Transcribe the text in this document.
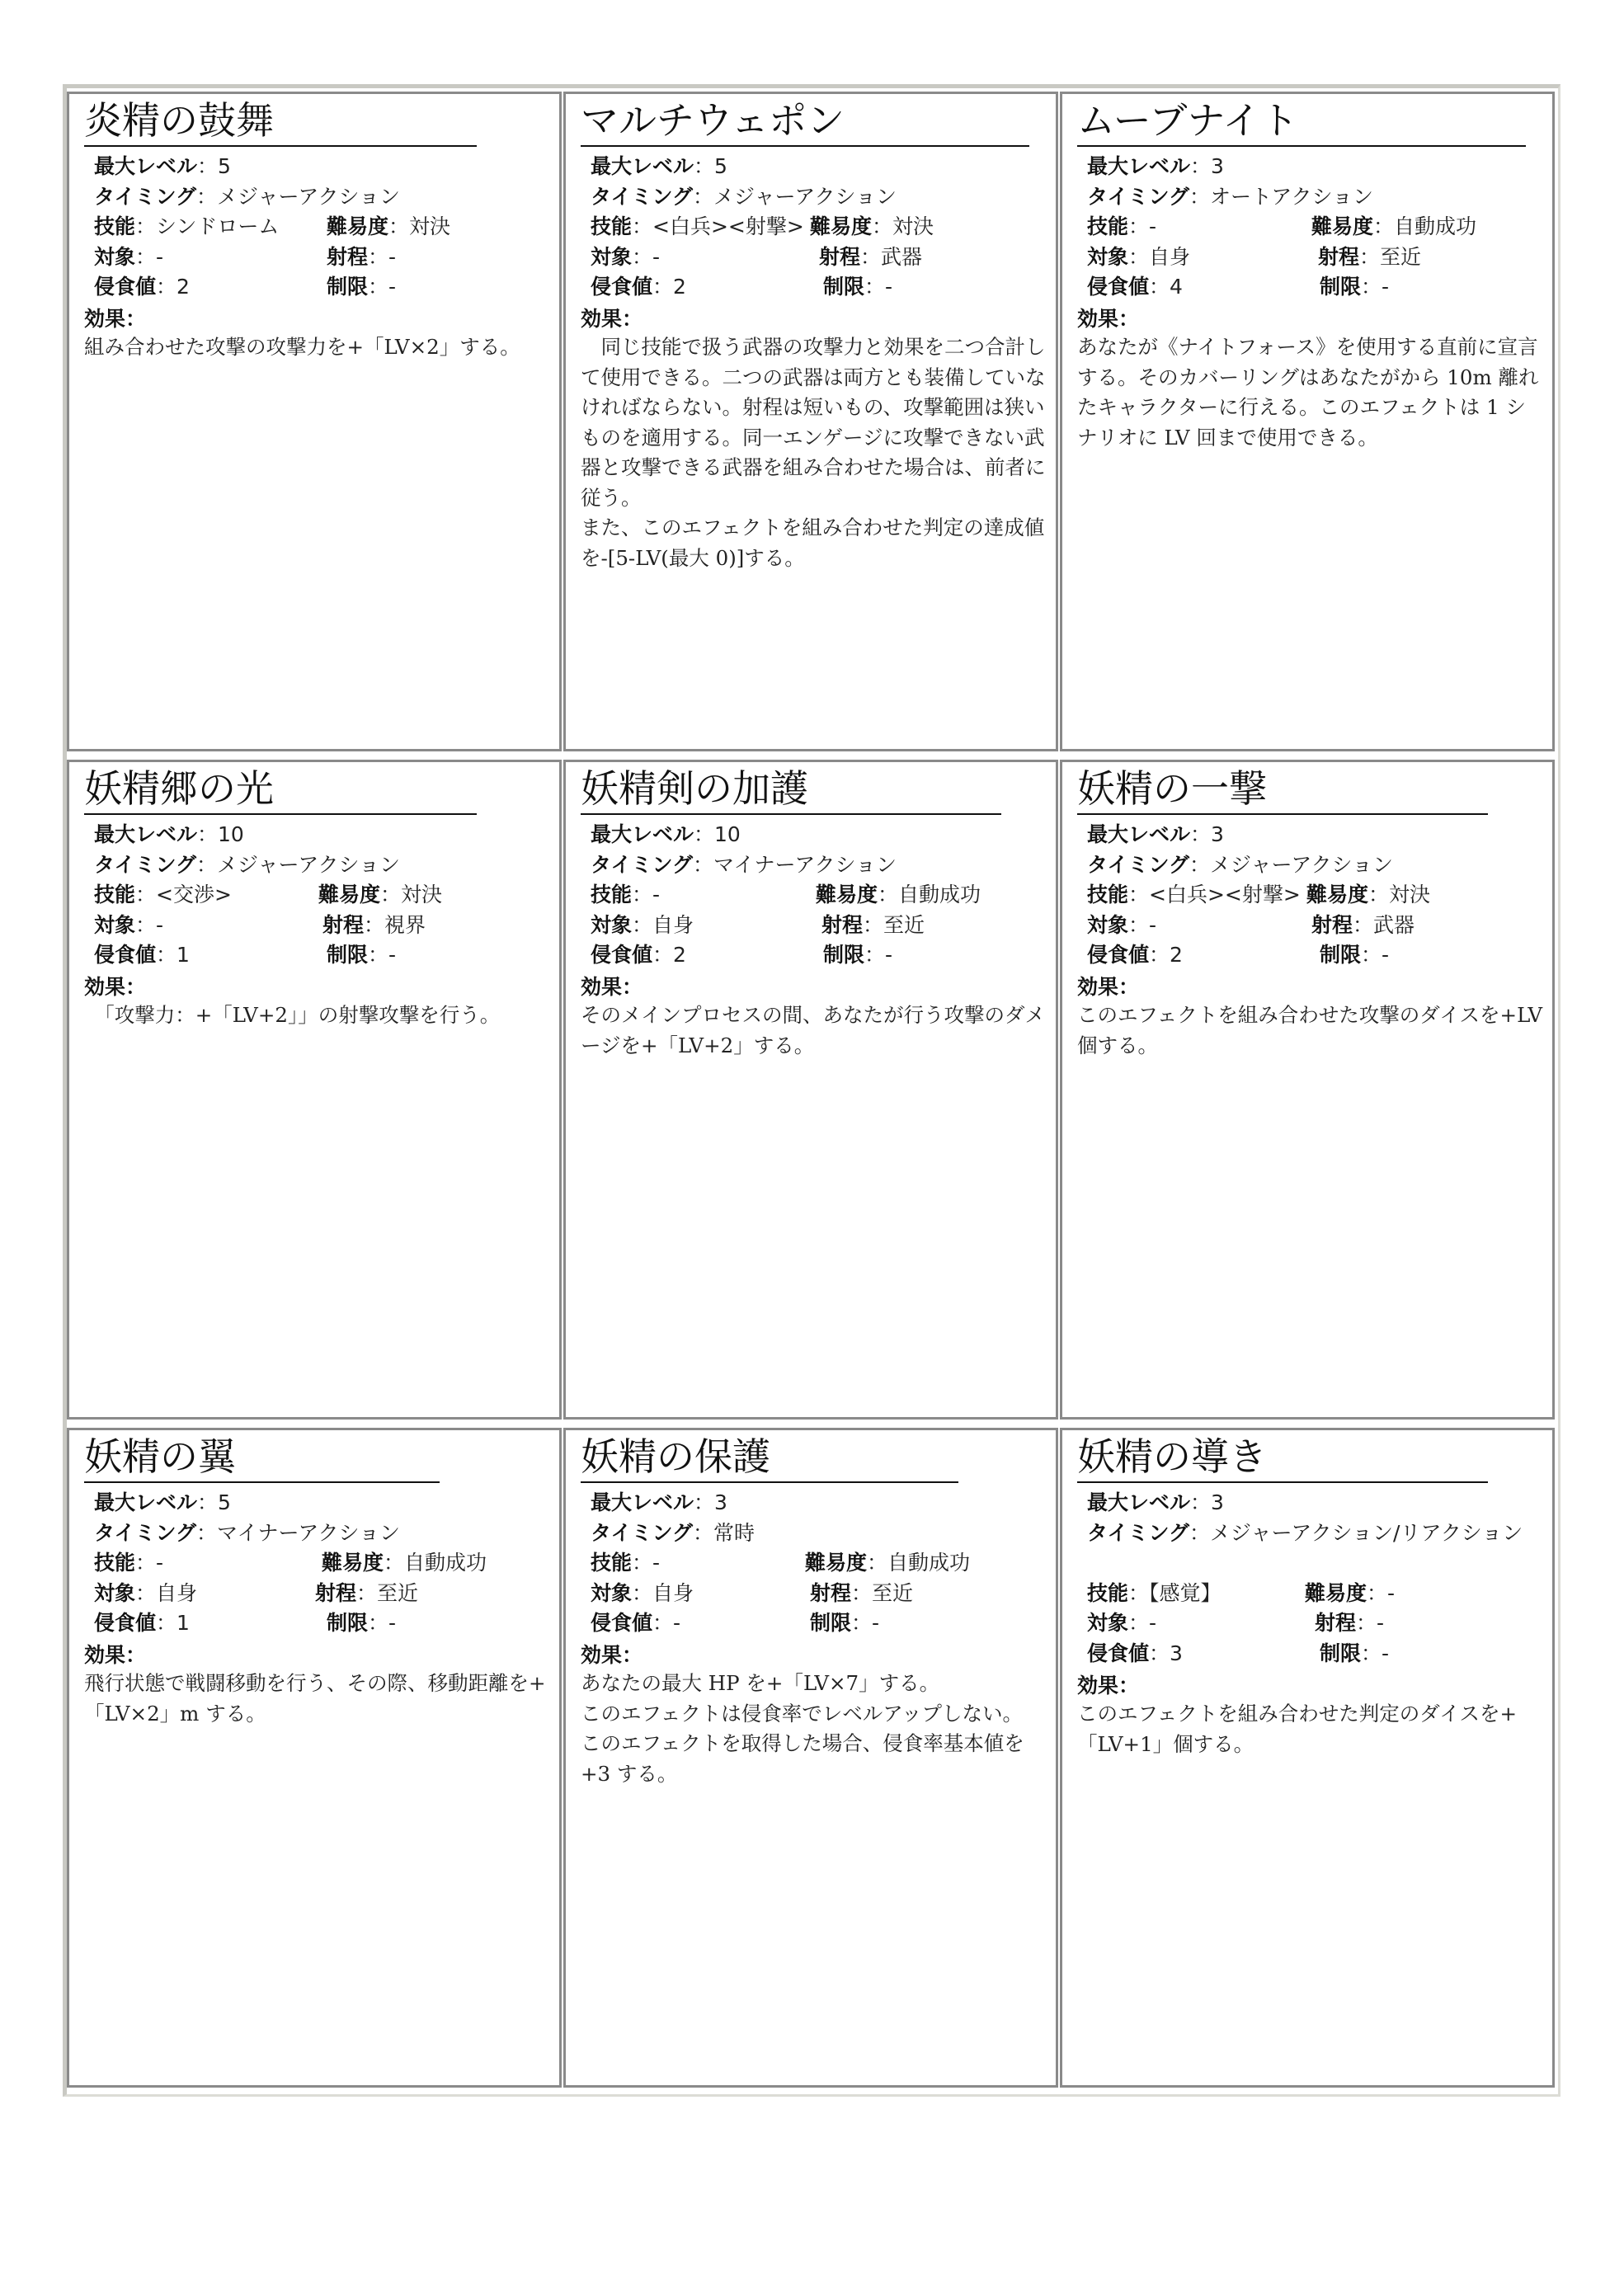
炎精の鼓舞
最大レベル：5
タイミング：メジャーアクション
技能：シンドローム 難易度：対決
対象：-	射程：-
侵食値：2	制限：-
効果：
組み合わせた攻撃の攻撃力を+「LV×2」する。
マルチウェポン
最大レベル：5
タイミング：メジャーアクション
技能：<白兵><射撃> 難易度：対決
対象：-	射程：武器
侵食値：2	制限：-
効果：
　同じ技能で扱う武器の攻撃力と効果を二つ合計して使用できる。二つの武器は両方とも装備していなければならない。射程は短いもの、攻撃範囲は狭いものを適用する。同一エンゲージに攻撃できない武器と攻撃できる武器を組み合わせた場合は、前者に従う。
また、このエフェクトを組み合わせた判定の達成値を-[5-LV(最大 0)]する。
ムーブナイト
最大レベル：3
タイミング：オートアクション
技能：-	難易度：自動成功
対象：自身	射程：至近
侵食値：4	制限：-
効果：
あなたが《ナイトフォース》を使用する直前に宣言する。そのカバーリングはあなたがから 10m 離れたキャラクターに行える。このエフェクトは 1 シナリオに LV 回まで使用できる。
妖精郷の光
最大レベル：10
タイミング：メジャーアクション
技能：<交渉>	難易度：対決
対象：-	射程：視界
侵食値：1	制限：-
効果：
　「攻撃力：+「LV+2」」の射撃攻撃を行う。
妖精剣の加護
最大レベル：10
タイミング：マイナーアクション
技能：-	難易度：自動成功
対象：自身	射程：至近
侵食値：2	制限：-
効果：
そのメインプロセスの間、あなたが行う攻撃のダメージを+「LV+2」する。
妖精の一撃
最大レベル：3
タイミング：メジャーアクション
技能：<白兵><射撃> 難易度：対決
対象：-	射程：武器
侵食値：2	制限：-
効果：
このエフェクトを組み合わせた攻撃のダイスを+LV 個する。
妖精の翼
最大レベル：5
タイミング：マイナーアクション
技能：-	難易度：自動成功
対象：自身	射程：至近
侵食値：1	制限：-
効果：
飛行状態で戦闘移動を行う、その際、移動距離を+「LV×2」m する。
妖精の保護
最大レベル：3
タイミング：常時
技能：-	難易度：自動成功
対象：自身	射程：至近
侵食値：-	制限：-
効果：
あなたの最大 HP を+「LV×7」する。
このエフェクトは侵食率でレベルアップしない。
このエフェクトを取得した場合、侵食率基本値を+3 する。
妖精の導き
最大レベル：3
タイミング：メジャーアクション/リアクション
技能：【感覚】	難易度：-
対象：-	射程：-
侵食値：3	制限：-
効果：
このエフェクトを組み合わせた判定のダイスを+「LV+1」個する。
